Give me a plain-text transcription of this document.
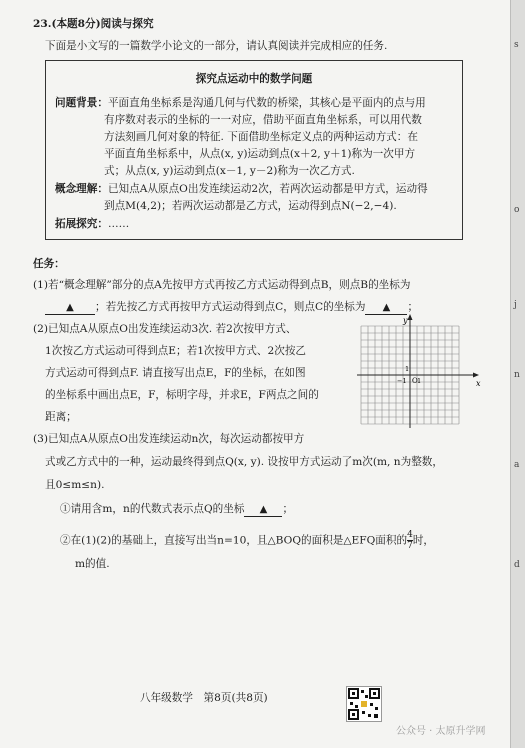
23.(本题8分)阅读与探究
下面是小文写的一篇数学小论文的一部分，请认真阅读并完成相应的任务.
探究点运动中的数学问题
问题背景：平面直角坐标系是沟通几何与代数的桥梁，其核心是平面内的点与用
有序数对表示的坐标的一一对应，借助平面直角坐标系，可以用代数
方法刻画几何对象的特征. 下面借助坐标定义点的两种运动方式：在
平面直角坐标系中，从点(x, y)运动到点(x＋2, y＋1)称为一次甲方
式；从点(x, y)运动到点(x－1, y－2)称为一次乙方式.
概念理解：已知点A从原点O出发连续运动2次，若两次运动都是甲方式，运动得
到点M(4,2)；若两次运动都是乙方式，运动得到点N(−2,−4).
拓展探究：……
任务：
(1)若“概念理解”部分的点A先按甲方式再按乙方式运动得到点B，则点B的坐标为
▲ ；若先按乙方式再按甲方式运动得到点C，则点C的坐标为 ▲ ；
(2)已知点A从原点O出发连续运动3次. 若2次按甲方式、
1次按乙方式运动可得到点E；若1次按甲方式、2次按乙
方式运动可得到点F. 请直接写出点E，F的坐标，在如图
的坐标系中画出点E，F，标明字母，并求E，F两点之间的
距离；
(3)已知点A从原点O出发连续运动n次，每次运动都按甲方
式或乙方式中的一种，运动最终得到点Q(x, y). 设按甲方式运动了m次(m, n为整数，
且0≤m≤n).
①请用含m，n的代数式表示点Q的坐标 ▲ ；
②在(1)(2)的基础上，直接写出当n=10，且△BOQ的面积是△EFQ面积的 $\frac{4}{7}$ 时，
m的值.
x
y
O
−1 1
1
八年级数学　第8页(共8页)
公众号 · 太原升学网
s
o
j
n
a
d
